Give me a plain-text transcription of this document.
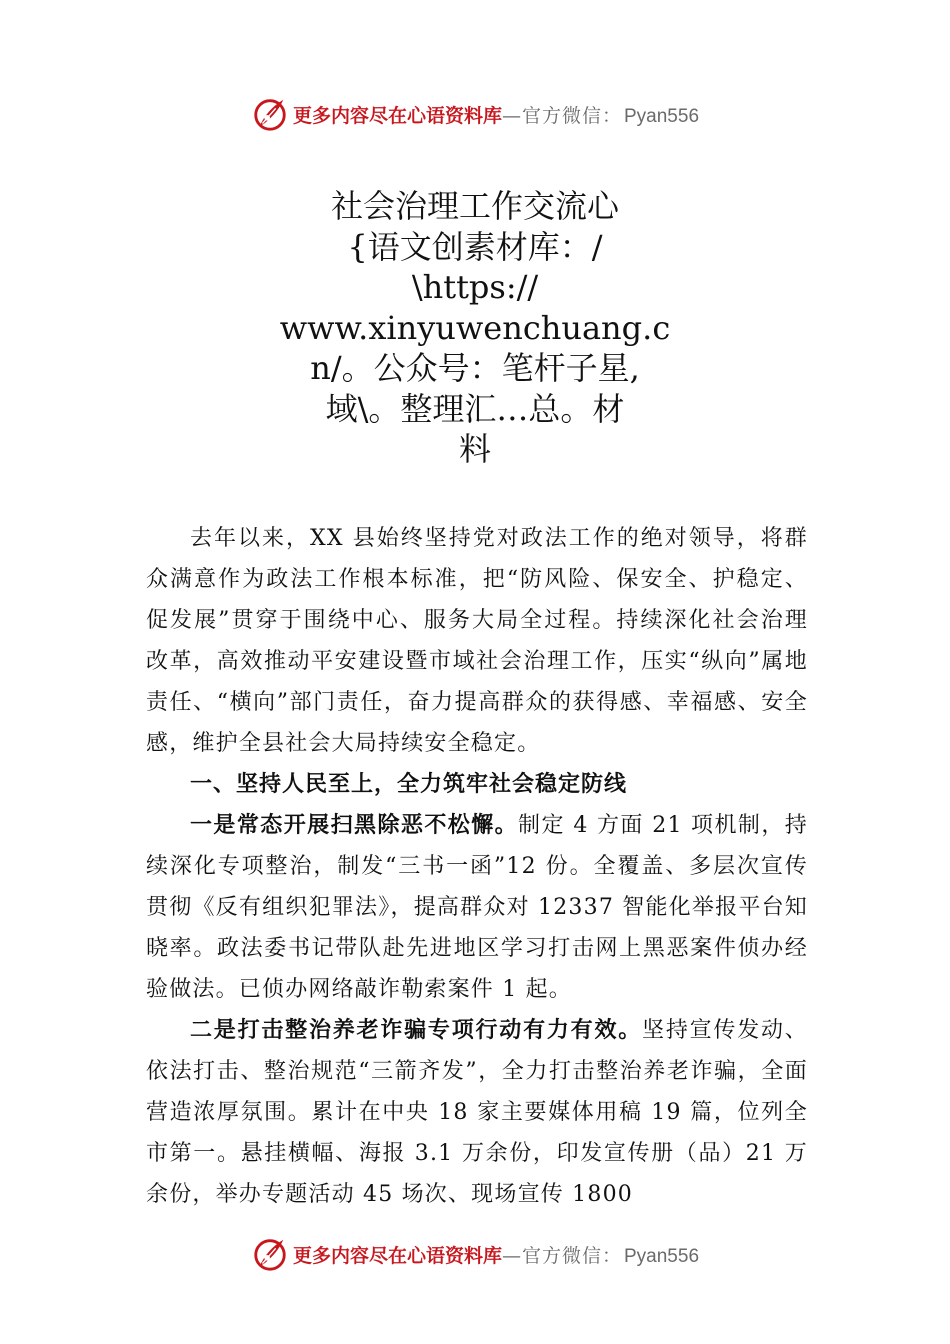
更多内容尽在心语资料库 —官方微信： Pyan556
社会治理工作交流心
{语文创素材库：/
\https://
www.xinyuwenchuang.c
n/。公众号：笔杆子星,
域\。整理汇…总。材
料

去年以来，XX 县始终坚持党对政法工作的绝对领导，将群众满意作为政法工作根本标准，把“防风险、保安全、护稳定、促发展”贯穿于围绕中心、服务大局全过程。持续深化社会治理改革，高效推动平安建设暨市域社会治理工作，压实“纵向”属地责任、“横向”部门责任，奋力提高群众的获得感、幸福感、安全感，维护全县社会大局持续安全稳定。

一、坚持人民至上，全力筑牢社会稳定防线

一是常态开展扫黑除恶不松懈。制定 4 方面 21 项机制，持续深化专项整治，制发“三书一函”12 份。全覆盖、多层次宣传贯彻《反有组织犯罪法》，提高群众对 12337 智能化举报平台知晓率。政法委书记带队赴先进地区学习打击网上黑恶案件侦办经验做法。已侦办网络敲诈勒索案件 1 起。

二是打击整治养老诈骗专项行动有力有效。坚持宣传发动、依法打击、整治规范“三箭齐发”，全力打击整治养老诈骗，全面营造浓厚氛围。累计在中央 18 家主要媒体用稿 19 篇，位列全市第一。悬挂横幅、海报 3.1 万余份，印发宣传册（品）21 万余份，举办专题活动 45 场次、现场宣传 1800

更多内容尽在心语资料库 —官方微信： Pyan556
